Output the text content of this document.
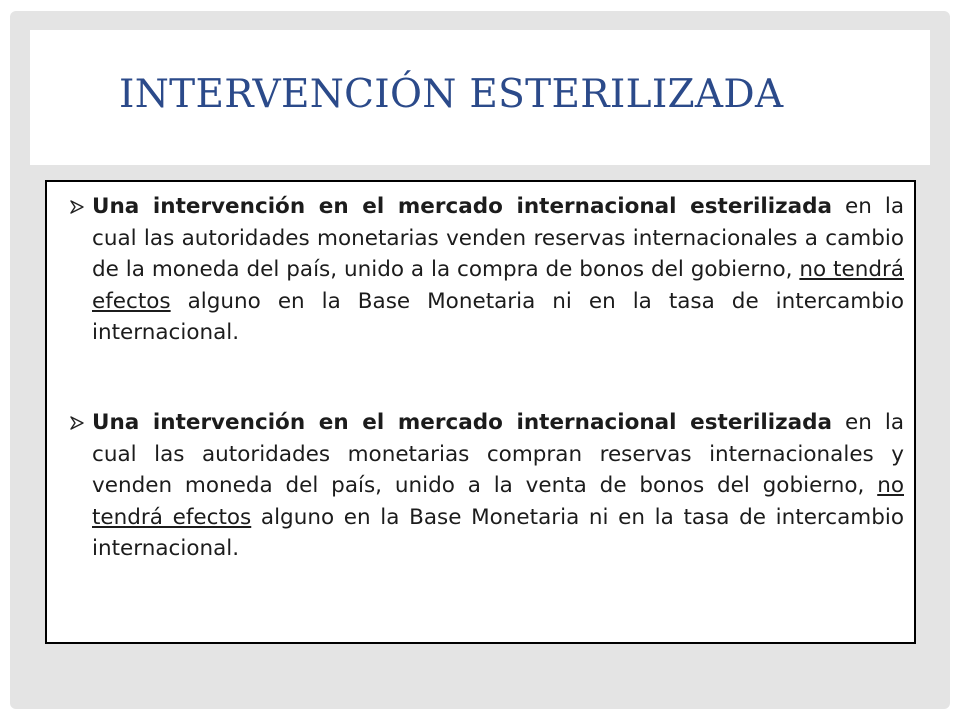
INTERVENCIÓN ESTERILIZADA
Una intervención en el mercado internacional esterilizada en la cual las autoridades monetarias venden reservas internacionales a cambio de la moneda del país, unido a la compra de bonos del gobierno, no tendrá efectos alguno en la Base Monetaria ni en la tasa de intercambio internacional.
Una intervención en el mercado internacional esterilizada en la cual las autoridades monetarias compran reservas internacionales y venden moneda del país, unido a la venta de bonos del gobierno, no tendrá efectos alguno en la Base Monetaria ni en la tasa de intercambio internacional.
